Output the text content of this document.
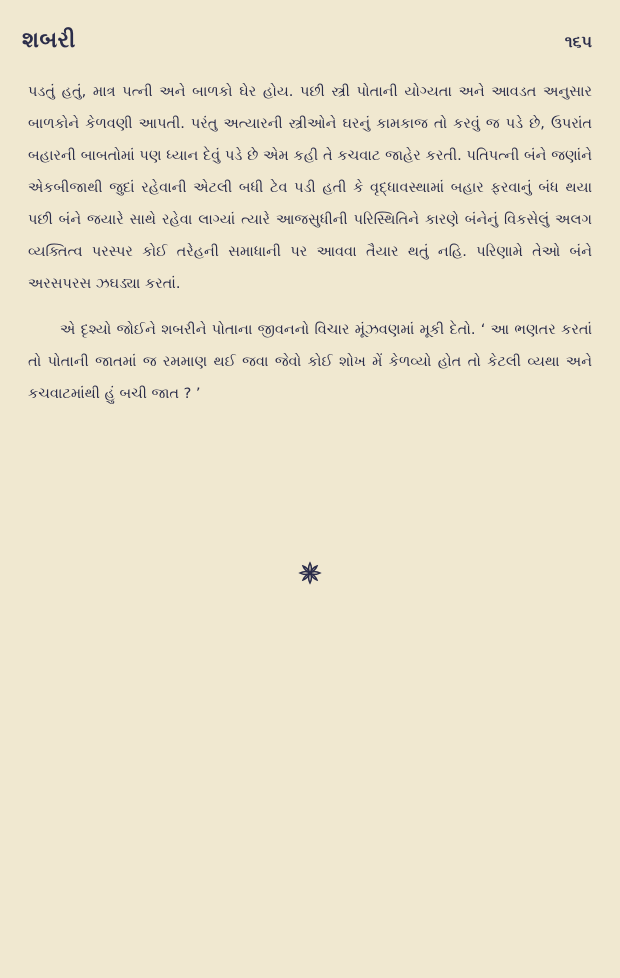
શબરી	૧૬૫

પડતું હતું, માત્ર પત્ની અને બાળકો ઘેર હોય. પછી સ્ત્રી પોતાની યોગ્યતા અને આવડત અનુસાર બાળકોને કેળવણી આપતી. પરંતુ અત્યારની સ્ત્રીઓને ઘરનું કામકાજ તો કરવું જ પડે છે, ઉપરાંત બહારની બાબતોમાં પણ ધ્યાન દેવું પડે છે એમ કહી તે કચવાટ જાહેર કરતી. પતિપત્ની બંને જણાંને એકબીજાથી જુદાં રહેવાની એટલી બધી ટેવ પડી હતી કે વૃદ્ધાવસ્થામાં બહાર ફરવાનું બંધ થયા પછી બંને જયારે સાથે રહેવા લાગ્યાં ત્યારે આજસુધીની પરિસ્થિતિને કારણે બંનેનું વિકસેલું અલગ વ્યક્તિત્વ પરસ્પર કોઈ તરેહની સમાધાની પર આવવા તૈયાર થતું નહિ. પરિણામે તેઓ બંને અરસપરસ ઝઘડ્યા કરતાં.

એ દૃશ્યો જોઈને શબરીને પોતાના જીવનનો વિચાર મૂંઝવણમાં મૂકી દેતો. ‘ આ ભણતર કરતાં તો પોતાની જાતમાં જ રમમાણ થઈ જવા જેવો કોઈ શોખ મેં કેળવ્યો હોત તો કેટલી વ્યથા અને કચવાટમાંથી હું બચી જાત ? ’
